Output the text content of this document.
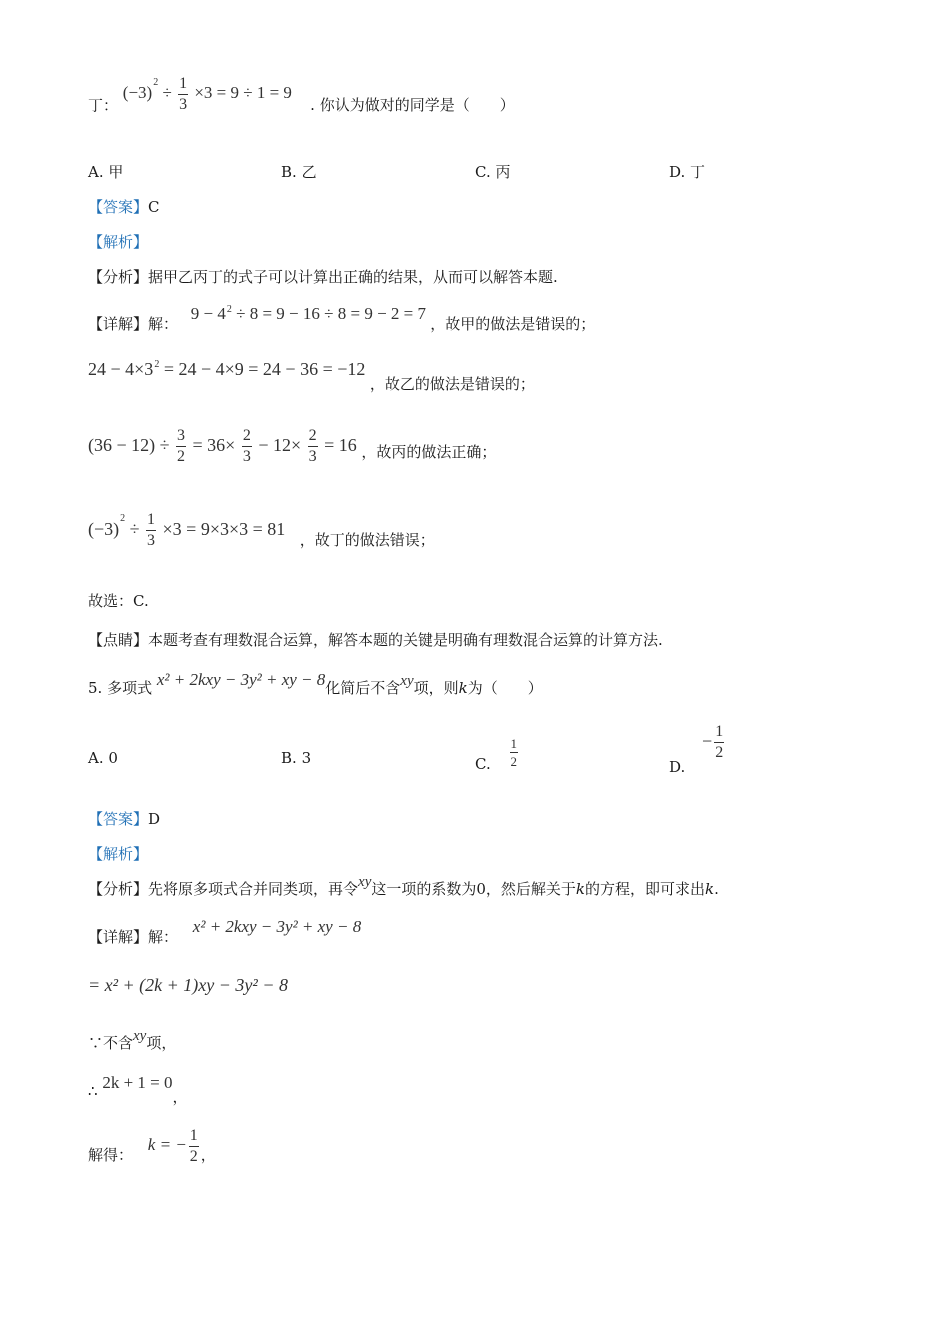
丁： $(-3)^2 \div \frac{1}{3} \times 3 = 9 \div 1 = 9$ . 你认为做对的同学是（　　）
A. 甲	B. 乙	C. 丙	D. 丁
【答案】C
【解析】
【分析】据甲乙丙丁的式子可以计算出正确的结果，从而可以解答本题.
【详解】解： $9 - 4^2 \div 8 = 9 - 16 \div 8 = 9 - 2 = 7$ ，故甲的做法是错误的；
$24 - 4\times 3^2 = 24 - 4\times 9 = 24 - 36 = -12$ ，故乙的做法是错误的；
$(36 - 12) \div \frac{3}{2} = 36\times \frac{2}{3} - 12\times \frac{2}{3} = 16$ ，故丙的做法正确；
$(-3)^2 \div \frac{1}{3} \times 3 = 9\times 3\times 3 = 81$ ，故丁的做法错误；
故选：C.
【点睛】本题考查有理数混合运算，解答本题的关键是明确有理数混合运算的计算方法.
5. 多项式 x² + 2kxy − 3y² + xy − 8化简后不含xy项，则k为（　　）
A. 0	B. 3	C. $\frac{1}{2}$	D. − $\frac{1}{2}$
【答案】D
【解析】
【分析】先将原多项式合并同类项，再令xy这一项的系数为0，然后解关于k的方程，即可求出k.
【详解】解： x² + 2kxy − 3y² + xy − 8
= x² + (2k + 1)xy − 3y² − 8
∵不含xy项，
∴ 2k + 1 = 0，
解得： k = − $\frac{1}{2}$ ，
